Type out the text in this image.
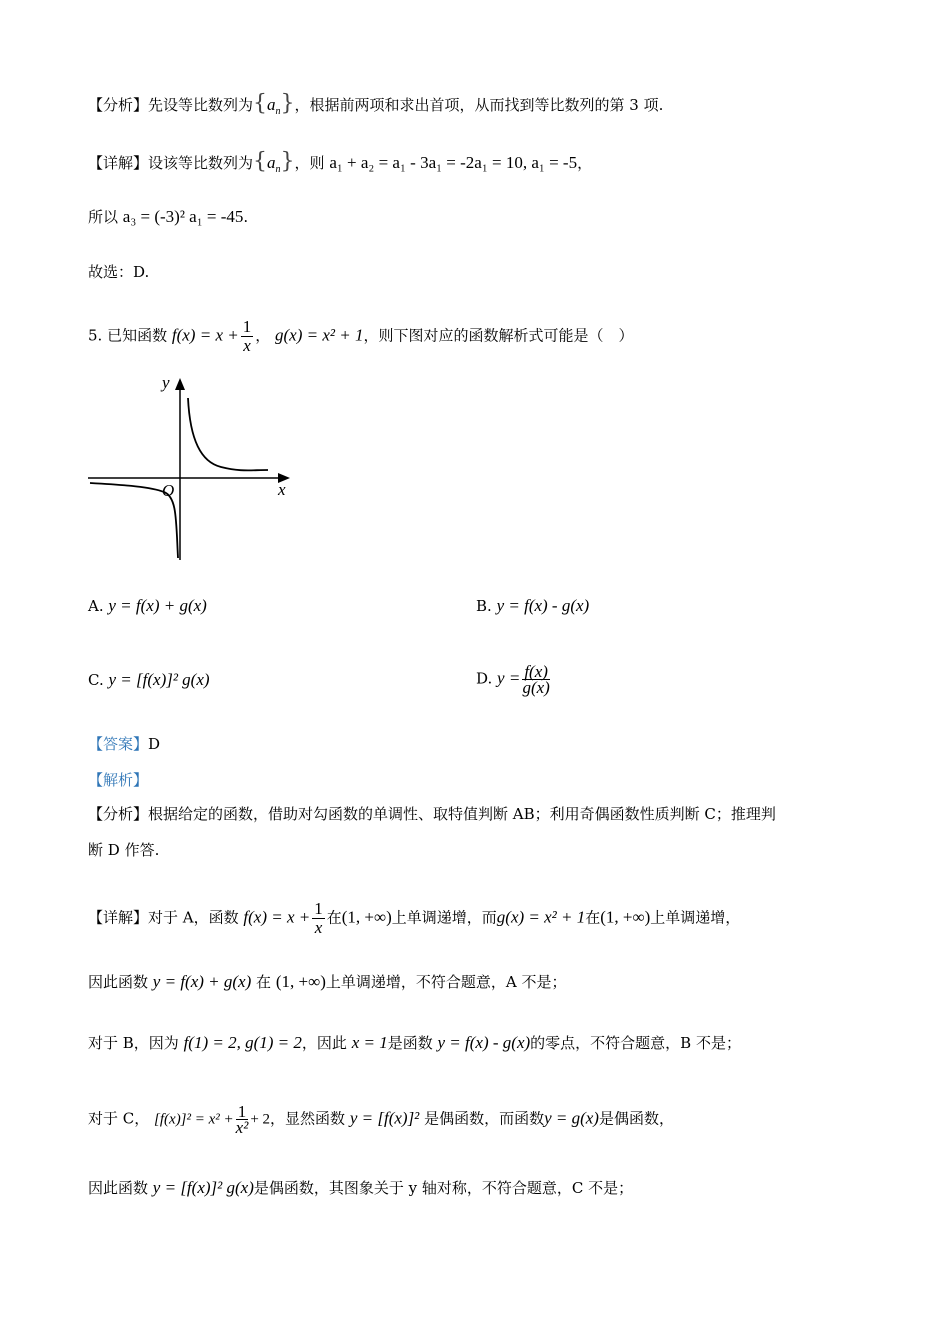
【分析】先设等比数列为$\{a_n\}$，根据前两项和求出首项，从而找到等比数列的第 3 项.
【详解】设该等比数列为$\{a_n\}$，则 a₁ + a₂ = a₁ - 3a₁ = -2a₁ = 10, a₁ = -5，
所以 a₃ = (-3)² a₁ = -45.
故选：D.
5. 已知函数 $f(x) = x + \frac{1}{x}$ ， g(x) = x² + 1，则下图对应的函数解析式可能是（　）
y
x
O
A. y = f(x) + g(x)	B. y = f(x) - g(x)
C. y = [f(x)]² g(x)	D. $y = \frac{f(x)}{g(x)}$
【答案】D
【解析】
【分析】根据给定的函数，借助对勾函数的单调性、取特值判断 AB；利用奇偶函数性质判断 C；推理判
断 D 作答.
【详解】对于 A，函数 $f(x) = x + \frac{1}{x}$ 在(1, +∞)上单调递增，而g(x) = x² + 1在(1, +∞)上单调递增，
因此函数 y = f(x) + g(x) 在 (1, +∞)上单调递增，不符合题意，A 不是；
对于 B，因为 f(1) = 2, g(1) = 2，因此 x = 1是函数 y = f(x) - g(x)的零点，不符合题意，B 不是；
对于 C， $[f(x)]^2 = x^2 + \frac{1}{\text{x²}} + 2$，显然函数 y = [f(x)]² 是偶函数，而函数y = g(x)是偶函数，
因此函数 y = [f(x)]² g(x)是偶函数，其图象关于 y 轴对称，不符合题意，C 不是；
